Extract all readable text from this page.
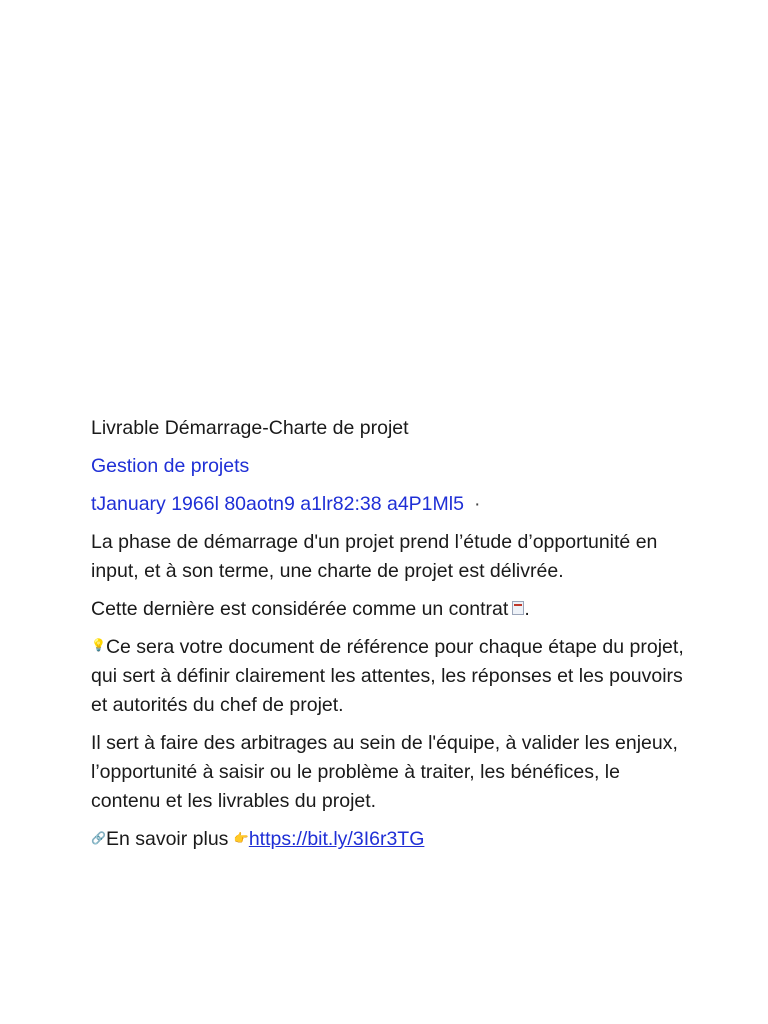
Livrable Démarrage-Charte de projet

Gestion de projets

tJanuary 1966l 80aotn9 a1lr82:38 a4P1Ml5 ·

La phase de démarrage d'un projet prend l’étude d’opportunité en input, et à son terme, une charte de projet est délivrée.

Cette dernière est considérée comme un contrat .

💡Ce sera votre document de référence pour chaque étape du projet, qui sert à définir clairement les attentes, les réponses et les pouvoirs et autorités du chef de projet.

Il sert à faire des arbitrages au sein de l'équipe, à valider les enjeux, l’opportunité à saisir ou le problème à traiter, les bénéfices, le contenu et les livrables du projet.

🔗En savoir plus 👉https://bit.ly/3I6r3TG
